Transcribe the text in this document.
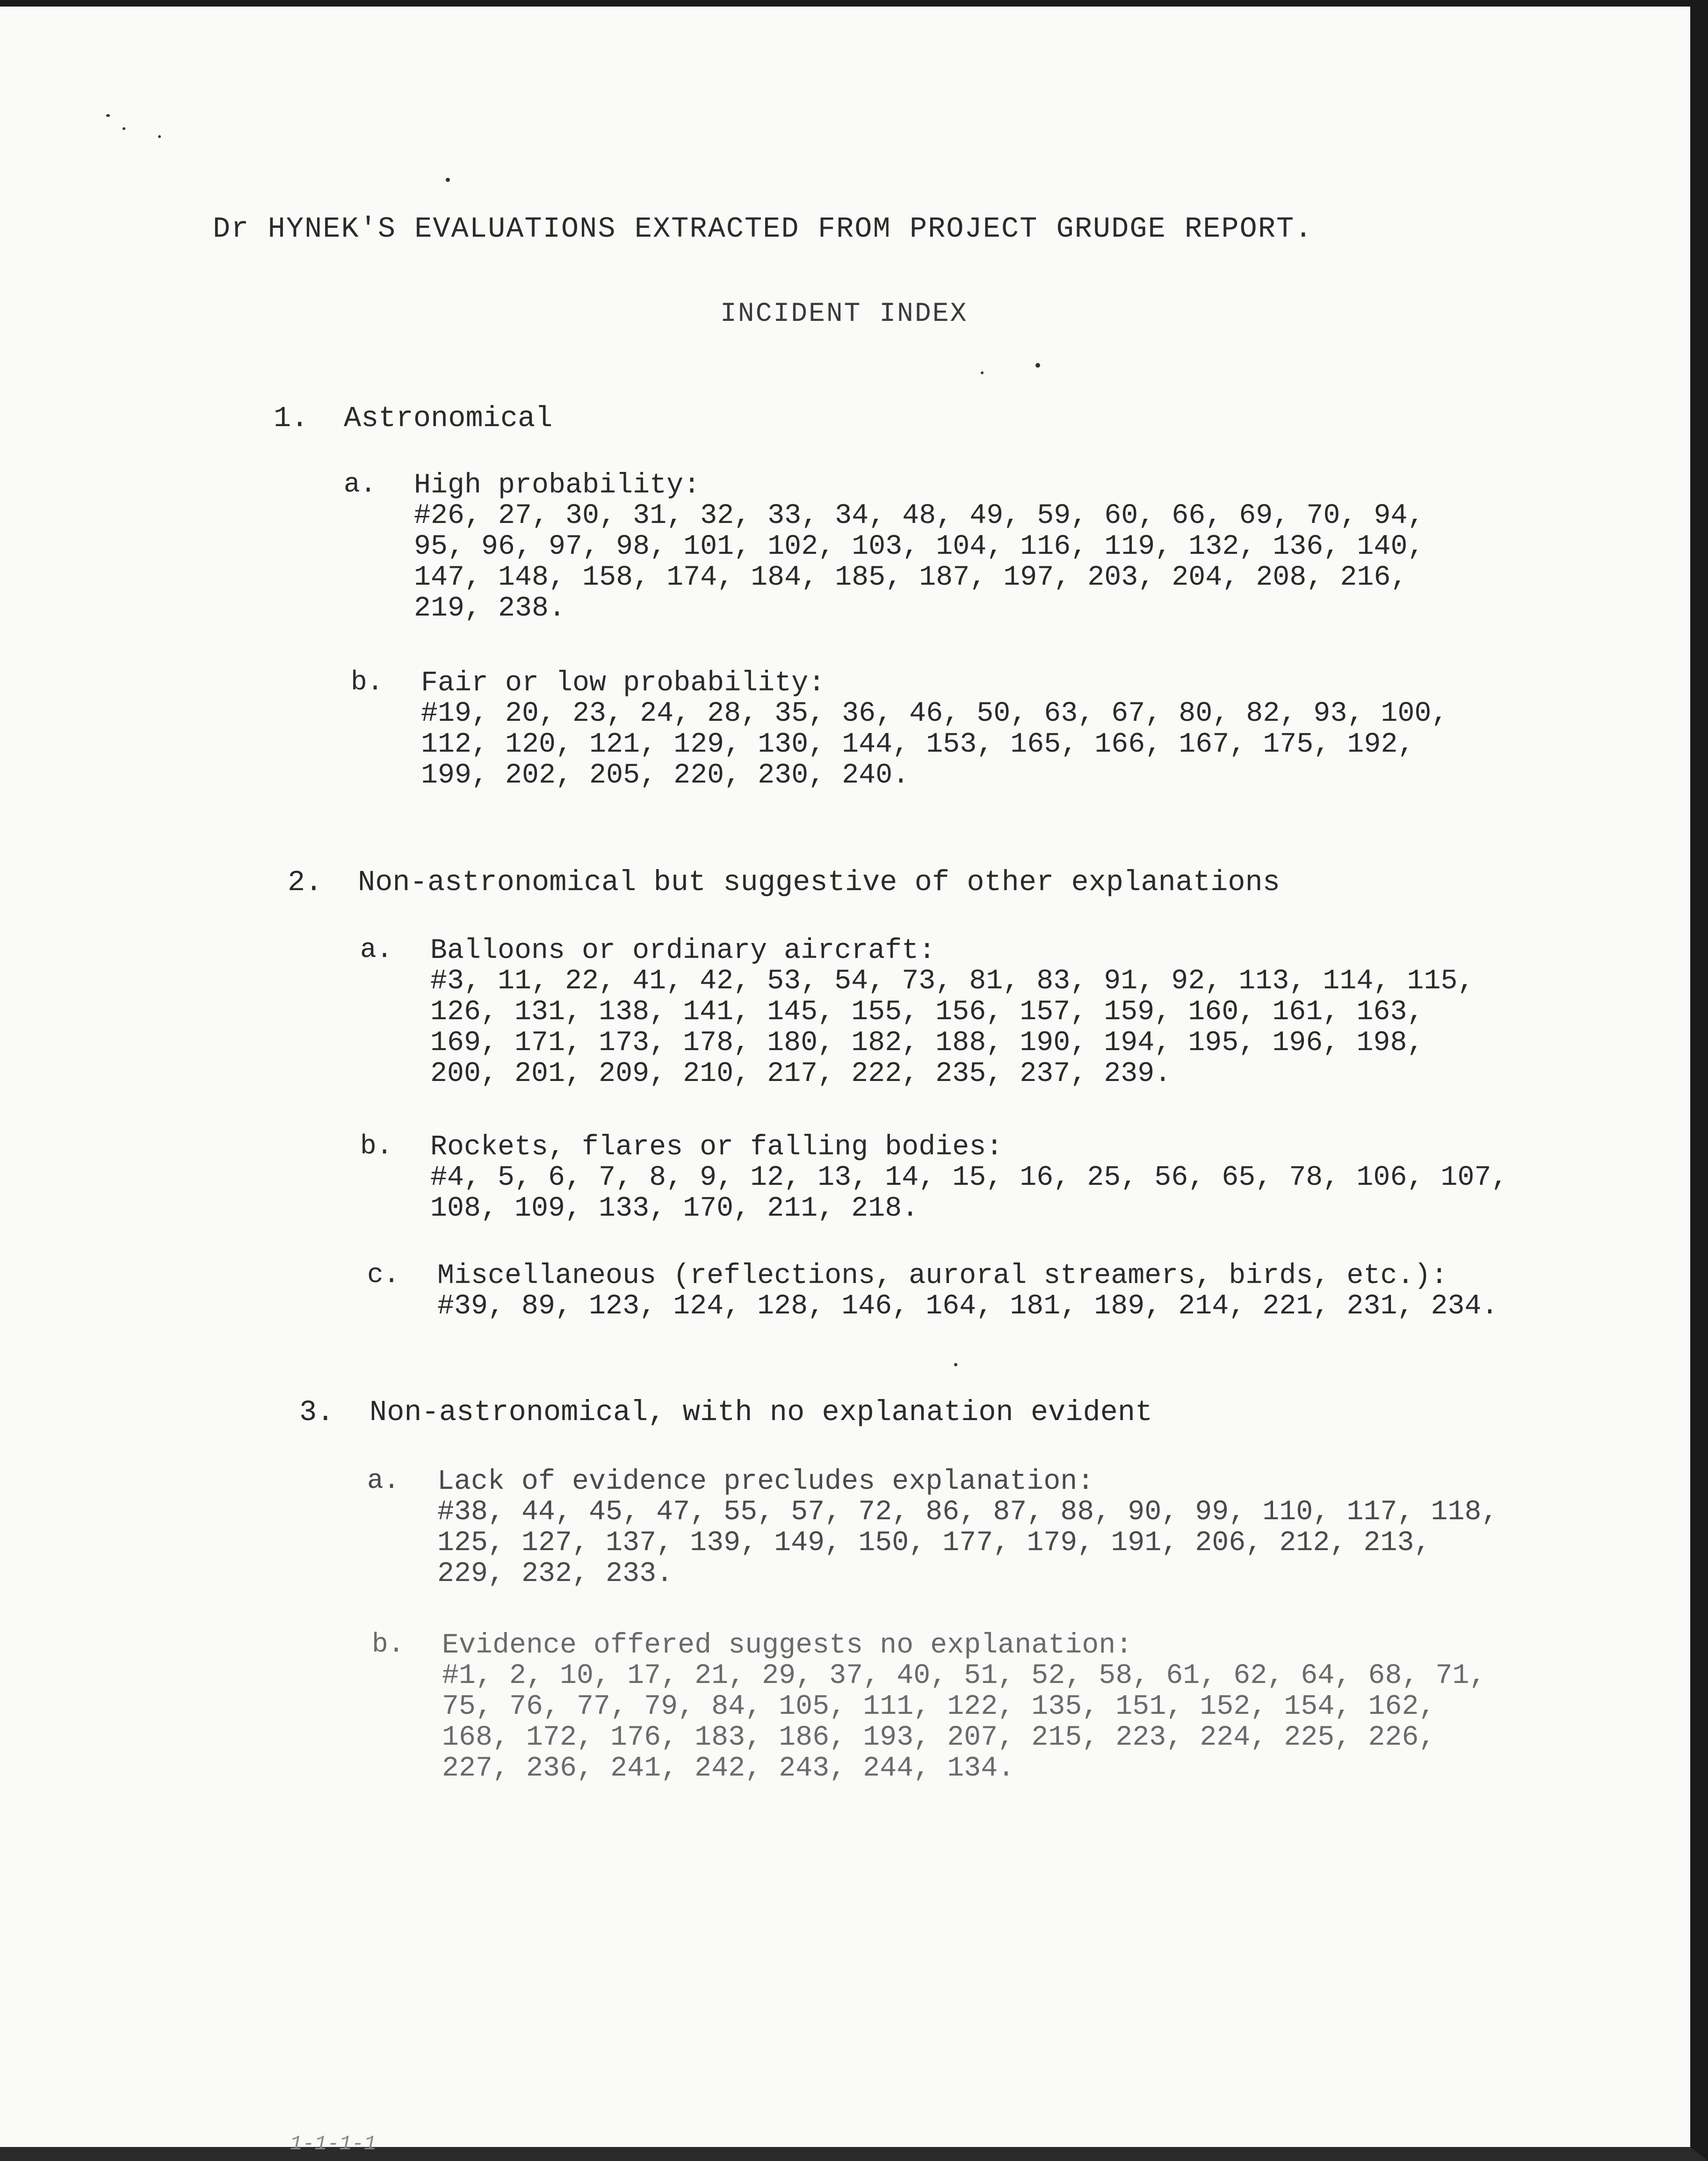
Dr HYNEK'S EVALUATIONS EXTRACTED FROM PROJECT GRUDGE REPORT.
INCIDENT INDEX
1. Astronomical
a. High probability:
#26, 27, 30, 31, 32, 33, 34, 48, 49, 59, 60, 66, 69, 70, 94,
95, 96, 97, 98, 101, 102, 103, 104, 116, 119, 132, 136, 140,
147, 148, 158, 174, 184, 185, 187, 197, 203, 204, 208, 216,
219, 238.
b. Fair or low probability:
#19, 20, 23, 24, 28, 35, 36, 46, 50, 63, 67, 80, 82, 93, 100,
112, 120, 121, 129, 130, 144, 153, 165, 166, 167, 175, 192,
199, 202, 205, 220, 230, 240.
2. Non-astronomical but suggestive of other explanations
a. Balloons or ordinary aircraft:
#3, 11, 22, 41, 42, 53, 54, 73, 81, 83, 91, 92, 113, 114, 115,
126, 131, 138, 141, 145, 155, 156, 157, 159, 160, 161, 163,
169, 171, 173, 178, 180, 182, 188, 190, 194, 195, 196, 198,
200, 201, 209, 210, 217, 222, 235, 237, 239.
b. Rockets, flares or falling bodies:
#4, 5, 6, 7, 8, 9, 12, 13, 14, 15, 16, 25, 56, 65, 78, 106, 107,
108, 109, 133, 170, 211, 218.
c. Miscellaneous (reflections, auroral streamers, birds, etc.):
#39, 89, 123, 124, 128, 146, 164, 181, 189, 214, 221, 231, 234.
3. Non-astronomical, with no explanation evident
a. Lack of evidence precludes explanation:
#38, 44, 45, 47, 55, 57, 72, 86, 87, 88, 90, 99, 110, 117, 118,
125, 127, 137, 139, 149, 150, 177, 179, 191, 206, 212, 213,
229, 232, 233.
b. Evidence offered suggests no explanation:
#1, 2, 10, 17, 21, 29, 37, 40, 51, 52, 58, 61, 62, 64, 68, 71,
75, 76, 77, 79, 84, 105, 111, 122, 135, 151, 152, 154, 162,
168, 172, 176, 183, 186, 193, 207, 215, 223, 224, 225, 226,
227, 236, 241, 242, 243, 244, 134.
1-1-1-1
